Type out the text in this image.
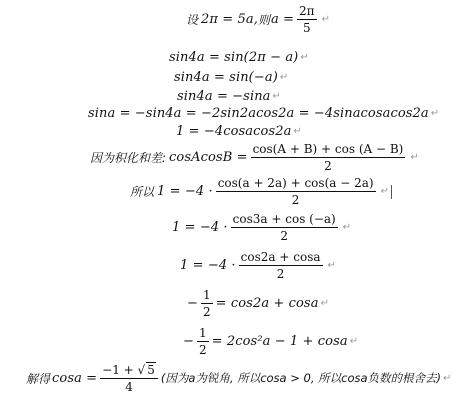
设 2π = 5a, 则 $a = \frac{2\pi}{5}$ ↵
sin4a = sin(2π − a) ↵
sin4a = sin(−a) ↵
sin4a = −sina ↵
sina = −sin4a = −2sin2acos2a = −4sinacosacos2a ↵
1 = −4cosacos2a ↵
因为积化和差: cosAcosB = $\frac{\cos(A + B) + \cos (A - B)}{2}$ ↵
所以 $1 = -4 \cdot \frac{\cos(a + 2a) + \cos(a - 2a)}{2}$ ↵
$1 = -4 \cdot \frac{\cos 3a + \cos (-a)}{2}$ ↵
$1 = -4 \cdot \frac{\cos 2a + \cos a}{2}$ ↵
− $\frac{1}{2} = \cos 2a + \cos a$ ↵
− $\frac{1}{2} = 2\cos^2a - 1 + \cos a$ ↵
解得 $\cos a = \frac{-1 + √ 5}{4}$ (因为a为锐角, 所以cosa > 0, 所以cosa负数的根舍去) ↵
